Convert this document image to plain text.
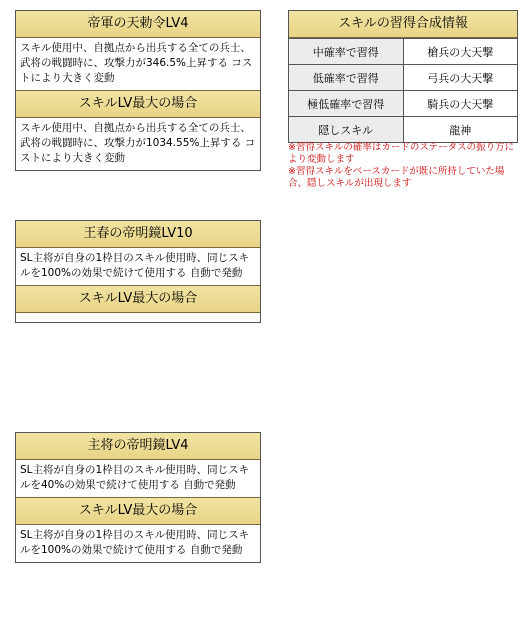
帝軍の天勅令LV4
スキル使用中、自拠点から出兵する全ての兵士、武将の戦闘時に、攻撃力が346.5%上昇する コストにより大きく変動
スキルLV最大の場合
スキル使用中、自拠点から出兵する全ての兵士、武将の戦闘時に、攻撃力が1034.55%上昇する コストにより大きく変動
王春の帝明鏡LV10
SL主将が自身の1枠目のスキル使用時、同じスキルを100%の効果で続けて使用する 自動で発動
スキルLV最大の場合
主将の帝明鏡LV4
SL主将が自身の1枠目のスキル使用時、同じスキルを40%の効果で続けて使用する 自動で発動
スキルLV最大の場合
SL主将が自身の1枠目のスキル使用時、同じスキルを100%の効果で続けて使用する 自動で発動
スキルの習得合成情報
中確率で習得	槍兵の大天撃
低確率で習得	弓兵の大天撃
極低確率で習得	騎兵の大天撃
隠しスキル	龍神
※習得スキルの確率はカードのステータスの振り方により変動します
※習得スキルをベースカードが既に所持していた場合、隠しスキルが出現します
